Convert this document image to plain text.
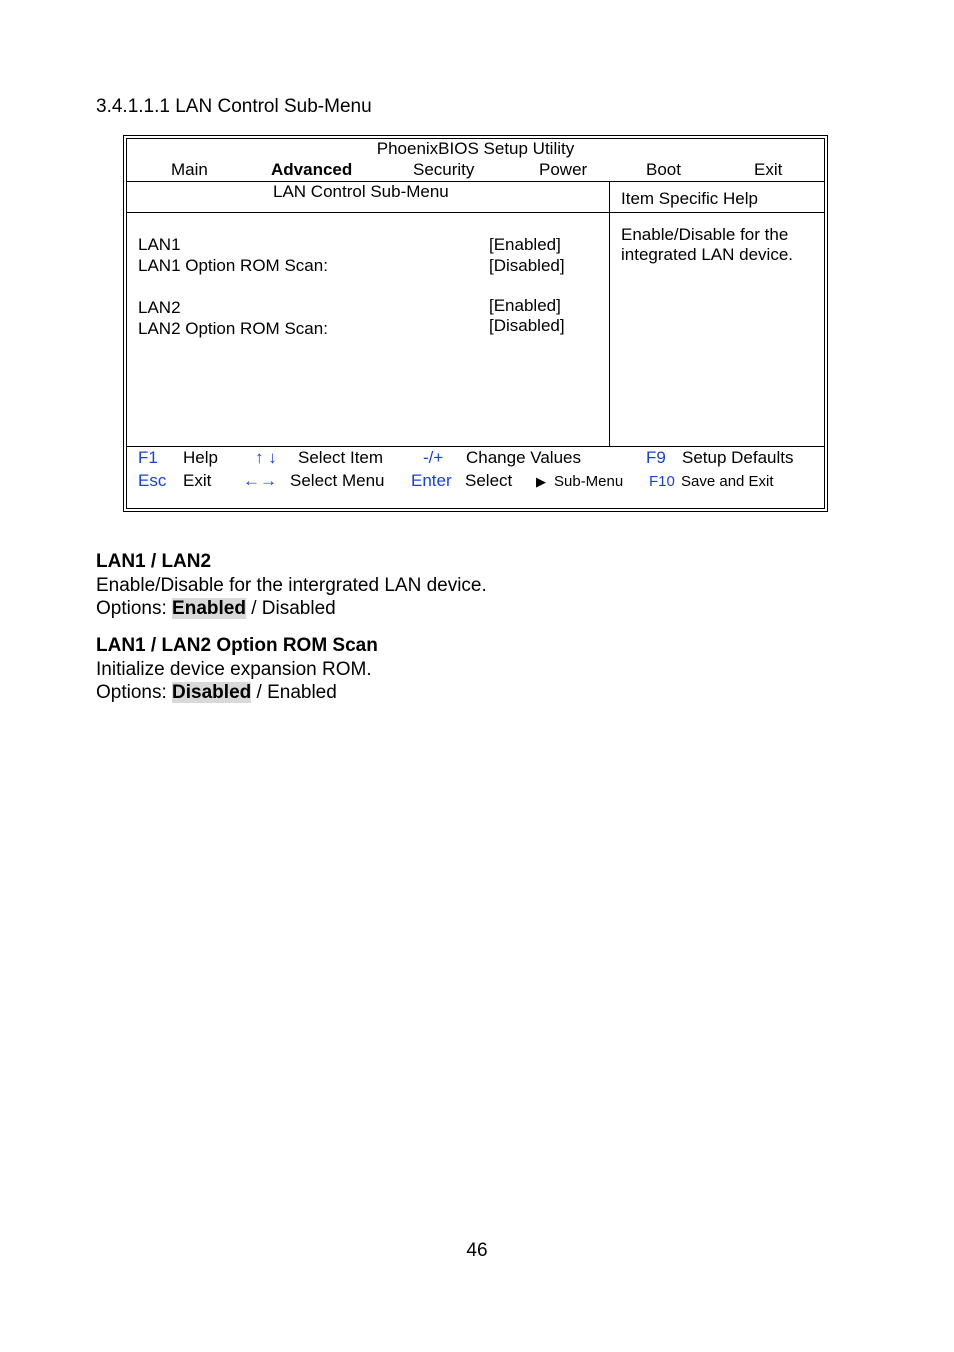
3.4.1.1.1 LAN Control Sub-Menu
PhoenixBIOS Setup Utility
Main	Advanced	Security	Power	Boot	Exit
LAN Control Sub-Menu	Item Specific Help
LAN1	[Enabled]
LAN1 Option ROM Scan:	[Disabled]
LAN2	[Enabled]
LAN2 Option ROM Scan:	[Disabled]
Enable/Disable for the
integrated LAN device.
F1 Help ↑ ↓ Select Item -/+ Change Values	F9 Setup Defaults
Esc Exit ←→ Select Menu Enter Select ▶ Sub-Menu F10 Save and Exit
LAN1 / LAN2
Enable/Disable for the intergrated LAN device.
Options: Enabled / Disabled
LAN1 / LAN2 Option ROM Scan
Initialize device expansion ROM.
Options: Disabled / Enabled
46
